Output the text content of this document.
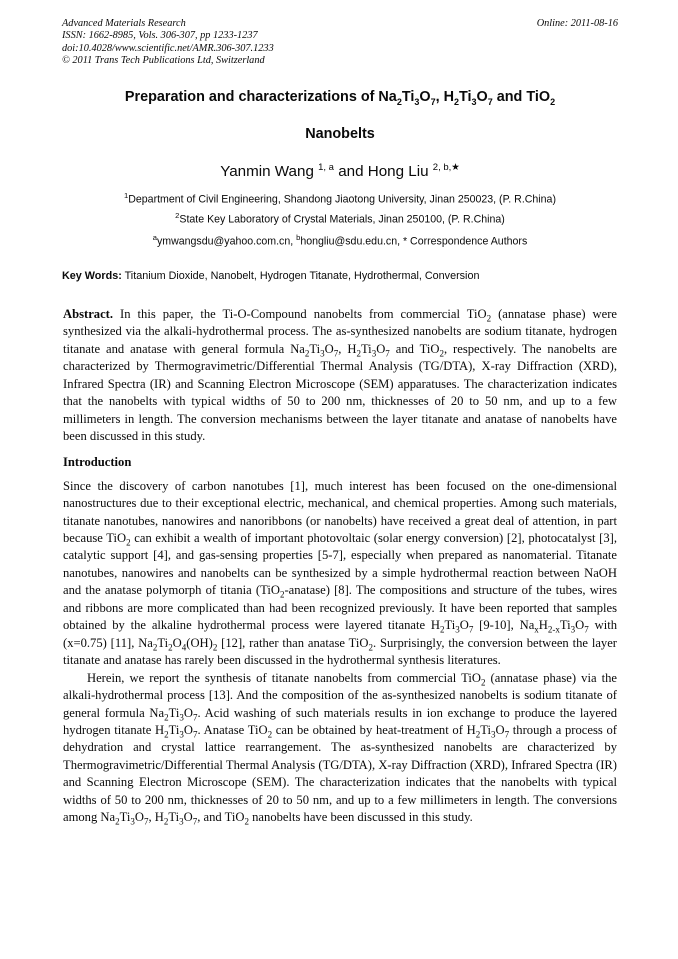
Advanced Materials Research	Online: 2011-08-16
ISSN: 1662-8985, Vols. 306-307, pp 1233-1237
doi:10.4028/www.scientific.net/AMR.306-307.1233
© 2011 Trans Tech Publications Ltd, Switzerland
Preparation and characterizations of $Na_2Ti_3O_7$, $H_2Ti_3O_7$ and TiO$_2$
Nanobelts
Yanmin Wang $^{1, a}$ and Hong Liu $^{2, b,★}$
$^1$Department of Civil Engineering, Shandong Jiaotong University, Jinan 250023, (P. R.China)
$^2$State Key Laboratory of Crystal Materials, Jinan 250100, (P. R.China)
$^a$ymwangsdu@yahoo.com.cn, $^b$hongliu@sdu.edu.cn, * Correspondence Authors
Key Words: Titanium Dioxide, Nanobelt, Hydrogen Titanate, Hydrothermal, Conversion

Abstract. In this paper, the Ti-O-Compound nanobelts from commercial TiO$_2$ (annatase phase) were synthesized via the alkali-hydrothermal process. The as-synthesized nanobelts are sodium titanate, hydrogen titanate and anatase with general formula $Na_2Ti_3O_7$, $H_2Ti_3O_7$ and TiO$_2$, respectively. The nanobelts are characterized by Thermogravimetric/Differential Thermal Analysis (TG/DTA), X-ray Diffraction (XRD), Infrared Spectra (IR) and Scanning Electron Microscope (SEM) apparatuses. The characterization indicates that the nanobelts with typical widths of 50 to 200 nm, thicknesses of 20 to 50 nm, and up to a few millimeters in length. The conversion mechanisms between the layer titanate and anatase of nanobelts have been discussed in this study.

Introduction

Since the discovery of carbon nanotubes [1], much interest has been focused on the one-dimensional nanostructures due to their exceptional electric, mechanical, and chemical properties. Among such materials, titanate nanotubes, nanowires and nanoribbons (or nanobelts) have received a great deal of attention, in part because TiO$_2$ can exhibit a wealth of important photovoltaic (solar energy conversion) [2], photocatalyst [3], catalytic support [4], and gas-sensing properties [5-7], especially when prepared as nanomaterial. Titanate nanotubes, nanowires and nanobelts can be synthesized by a simple hydrothermal reaction between NaOH and the anatase polymorph of titania (TiO$_2$-anatase) [8]. The compositions and structure of the tubes, wires and ribbons are more complicated than had been recognized previously. It have been reported that samples obtained by the alkaline hydrothermal process were layered titanate $H_2Ti_3O_7$ [9-10], $Na_xH_{2-x}Ti_3O_7$ with (x=0.75) [11], $Na_2Ti_2O_4(OH)_2$ [12], rather than anatase TiO$_2$. Surprisingly, the conversion between the layer titanate and anatase has rarely been discussed in the hydrothermal synthesis literatures.

Herein, we report the synthesis of titanate nanobelts from commercial TiO$_2$ (annatase phase) via the alkali-hydrothermal process [13]. And the composition of the as-synthesized nanobelts is sodium titanate of general formula $Na_2Ti_3O_7$. Acid washing of such materials results in ion exchange to produce the layered hydrogen titanate $H_2Ti_3O_7$. Anatase TiO$_2$ can be obtained by heat-treatment of $H_2Ti_3O_7$ through a process of dehydration and crystal lattice rearrangement. The as-synthesized nanobelts are characterized by Thermogravimetric/Differential Thermal Analysis (TG/DTA), X-ray Diffraction (XRD), Infrared Spectra (IR) and Scanning Electron Microscope (SEM). The characterization indicates that the nanobelts with typical widths of 50 to 200 nm, thicknesses of 20 to 50 nm, and up to a few millimeters in length. The conversions among $Na_2Ti_3O_7$, $H_2Ti_3O_7$, and TiO$_2$ nanobelts have been discussed in this study.
